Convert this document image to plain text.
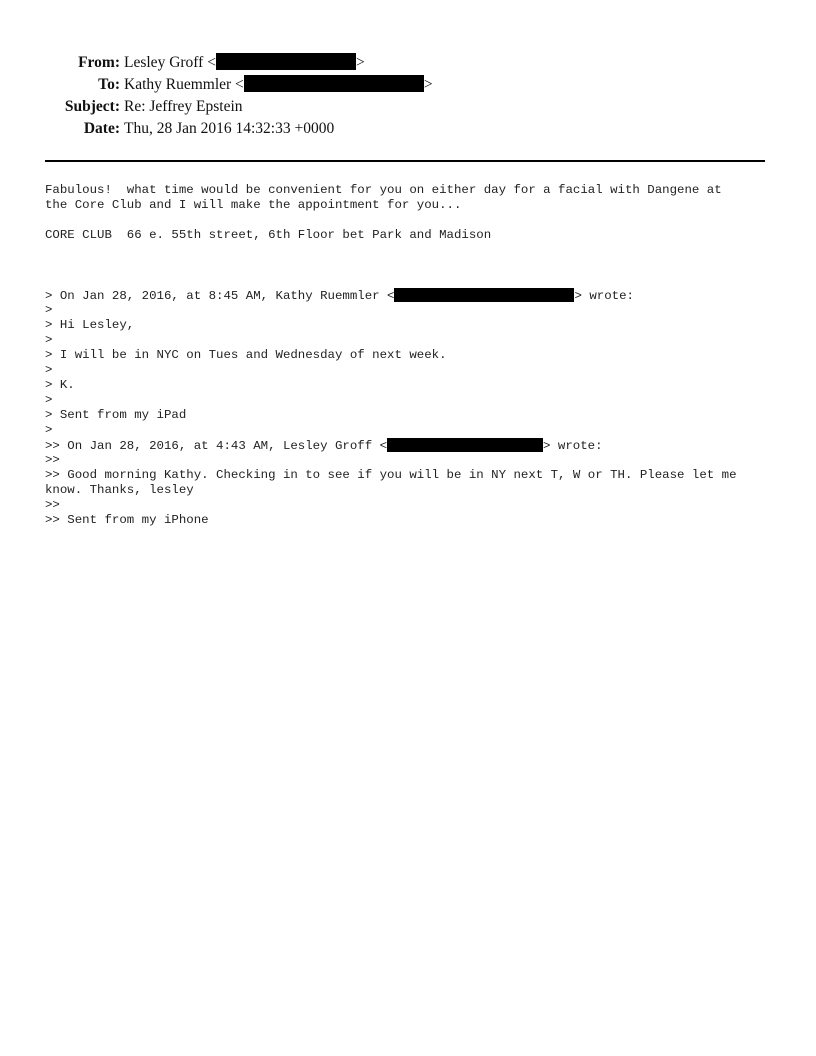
From: Lesley Groff <	>
To: Kathy Ruemmler <	>
Subject: Re: Jeffrey Epstein
Date: Thu, 28 Jan 2016 14:32:33 +0000
Fabulous!  what time would be convenient for you on either day for a facial with Dangene at
the Core Club and I will make the appointment for you...
CORE CLUB  66 e. 55th street, 6th Floor bet Park and Madison
> On Jan 28, 2016, at 8:45 AM, Kathy Ruemmler <	> wrote:
>
> Hi Lesley,
>
> I will be in NYC on Tues and Wednesday of next week.
>
> K.
>
> Sent from my iPad
>
>> On Jan 28, 2016, at 4:43 AM, Lesley Groff <	> wrote:
>>
>> Good morning Kathy. Checking in to see if you will be in NY next T, W or TH. Please let me know. Thanks, lesley
>>
>> Sent from my iPhone
